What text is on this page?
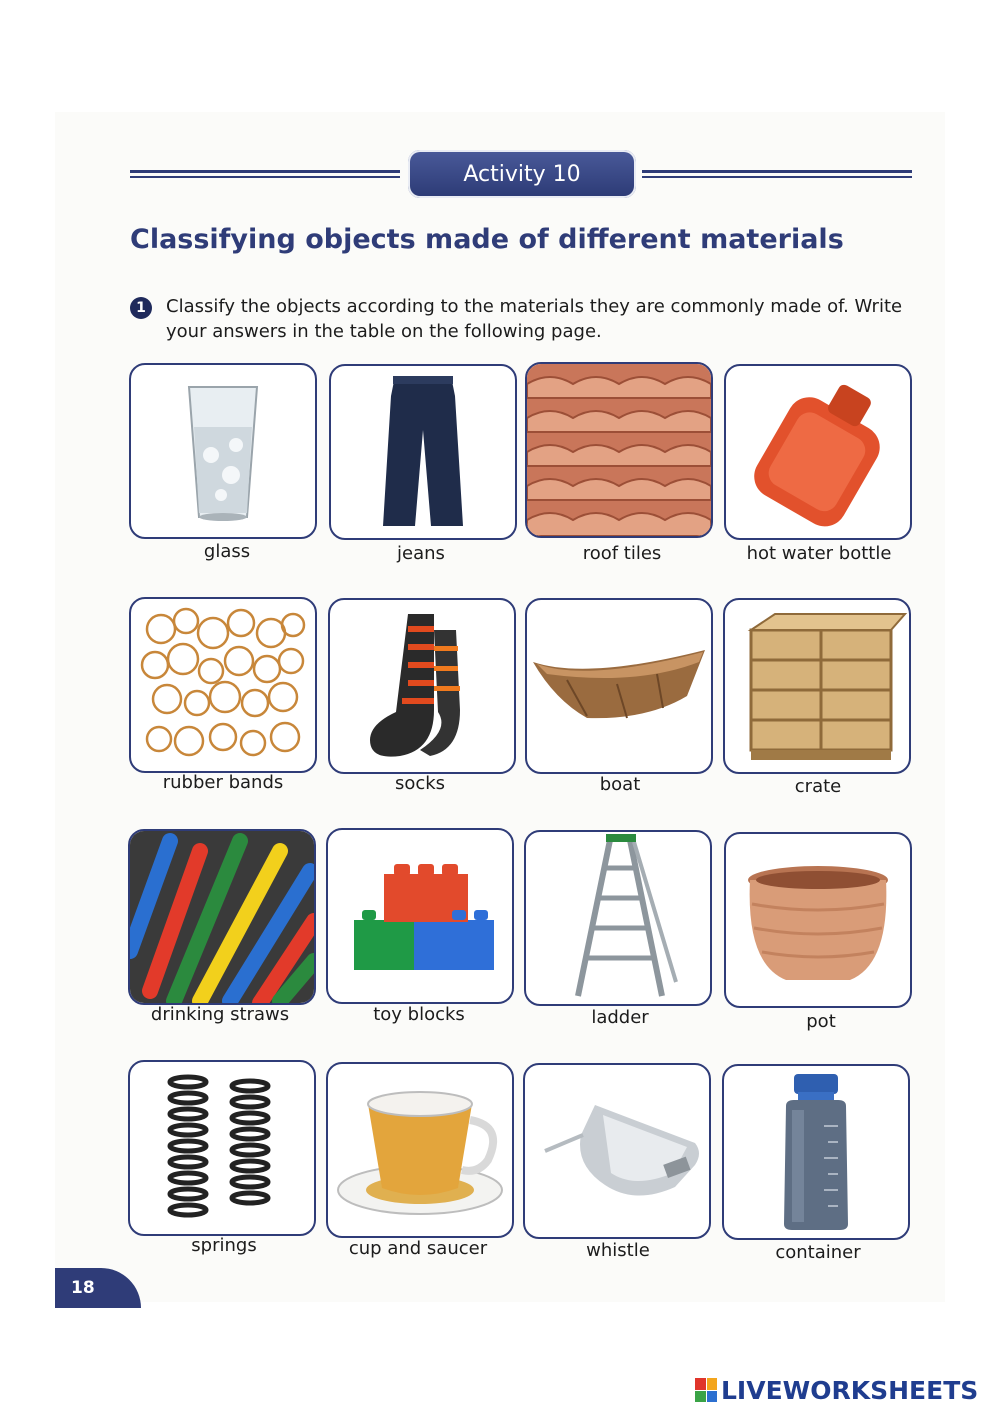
Activity 10
Classifying objects made of different materials
1	Classify the objects according to the materials they are commonly made of. Write your answers in the table on the following page.
glass	jeans	roof tiles	hot water bottle
rubber bands	socks	boat	crate
drinking straws	toy blocks	ladder	pot
springs	cup and saucer	whistle	container
18
LIVEWORKSHEETS
